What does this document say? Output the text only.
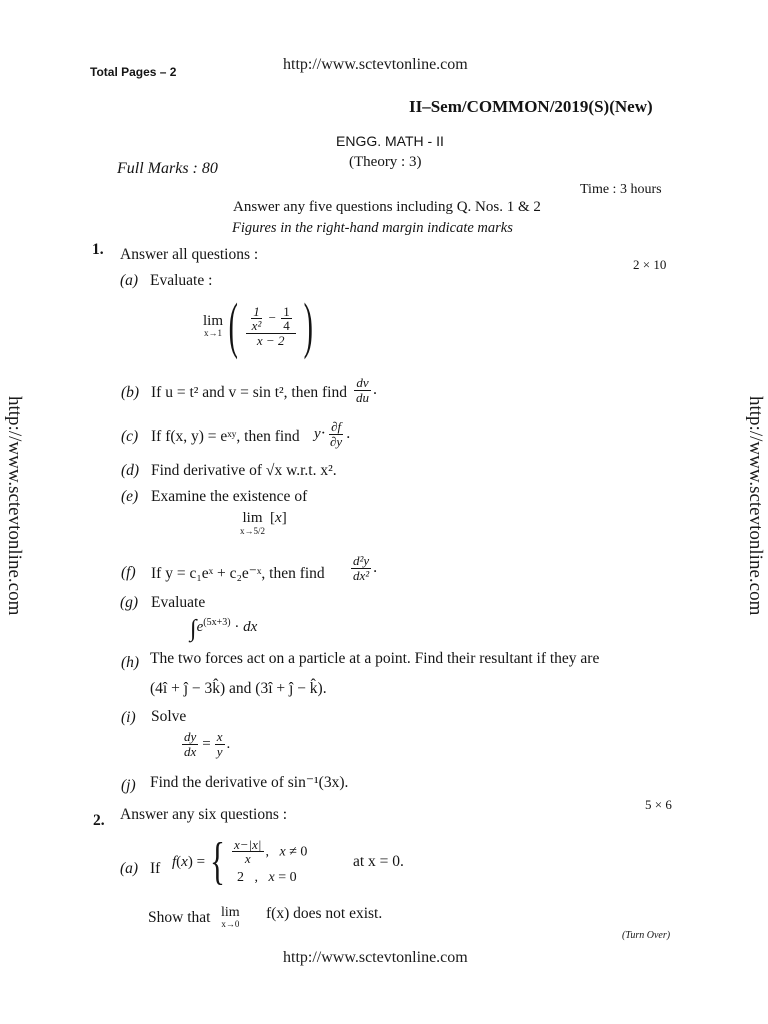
Total Pages – 2	http://www.sctevtonline.com
II–Sem/COMMON/2019(S)(New)
ENGG. MATH - II
(Theory : 3)
Full Marks : 80
Time : 3 hours
Answer any five questions including Q. Nos. 1 & 2
Figures in the right-hand margin indicate marks
http://www.sctevtonline.com	http://www.sctevtonline.com
1. Answer all questions :
2 × 10
(a) Evaluate :
lim
x→1 ( $\frac{\frac{1}{\text{x²}} - \frac{1}{4}}{x - 2}$ )
(b) If u = t² and v = sin t², then find $\frac{dv}{du}$ .
(c) If f(x, y) = eˣʸ, then find $y\cdot \frac{\partial f}{\partial y}$ .
(d) Find derivative of √x w.r.t. x².
(e) Examine the existence of
lim
x→5/2
[x]
(f) If y = c₁eˣ + c₂e⁻ˣ, then find $\frac{\text{d²y}}{\text{dx²}}$ .
(g) Evaluate
$\int e^{(5x+3)}$ · dx
(h) The two forces act on a particle at a point. Find their resultant if they are
(4î + ĵ − 3k̂) and (3î + ĵ − k̂).
(i) Solve
$\frac{dy}{dx} = \frac{x}{y}$ .
(j) Find the derivative of sin⁻¹(3x).
5 × 6
2. Answer any six questions :
(a) If f ( x ) = { $\frac{x-|x|}{x}$ ,   x ≠ 0
2   ,   x = 0
at x = 0.
Show that lim
x→0
f(x) does not exist.
(Turn Over)
http://www.sctevtonline.com
